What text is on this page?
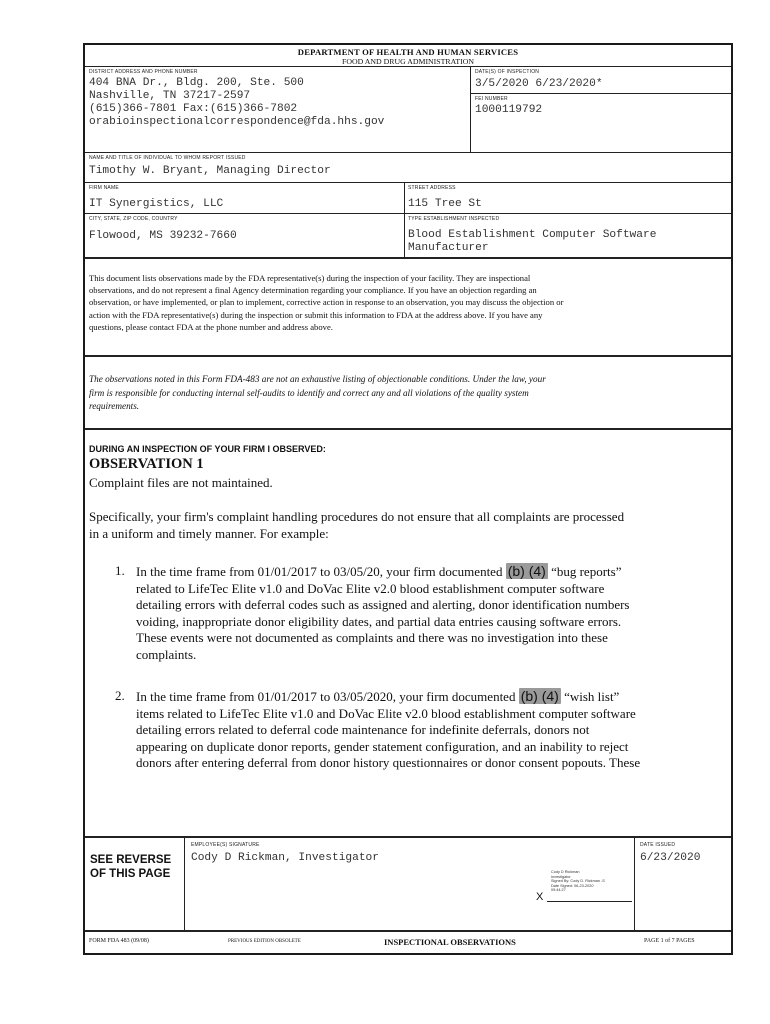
DEPARTMENT OF HEALTH AND HUMAN SERVICES
FOOD AND DRUG ADMINISTRATION
DISTRICT ADDRESS AND PHONE NUMBER
404 BNA Dr., Bldg. 200, Ste. 500
Nashville, TN 37217-2597
(615)366-7801 Fax:(615)366-7802
orabioinspectionalcorrespondence@fda.hhs.gov
DATE(S) OF INSPECTION
3/5/2020 6/23/2020*
FEI NUMBER
1000119792
NAME AND TITLE OF INDIVIDUAL TO WHOM REPORT ISSUED
Timothy W. Bryant, Managing Director
FIRM NAME
IT Synergistics, LLC
STREET ADDRESS
115 Tree St
CITY, STATE, ZIP CODE, COUNTRY
Flowood, MS 39232-7660
TYPE ESTABLISHMENT INSPECTED
Blood Establishment Computer Software
Manufacturer
This document lists observations made by the FDA representative(s) during the inspection of your facility. They are inspectional
observations, and do not represent a final Agency determination regarding your compliance. If you have an objection regarding an
observation, or have implemented, or plan to implement, corrective action in response to an observation, you may discuss the objection or
action with the FDA representative(s) during the inspection or submit this information to FDA at the address above. If you have any
questions, please contact FDA at the phone number and address above.
The observations noted in this Form FDA-483 are not an exhaustive listing of objectionable conditions. Under the law, your
firm is responsible for conducting internal self-audits to identify and correct any and all violations of the quality system
requirements.
DURING AN INSPECTION OF YOUR FIRM I OBSERVED:
OBSERVATION 1
Complaint files are not maintained.
Specifically, your firm's complaint handling procedures do not ensure that all complaints are processed
in a uniform and timely manner. For example:
1. In the time frame from 01/01/2017 to 03/05/20, your firm documented (b) (4) “bug reports”
related to LifeTec Elite v1.0 and DoVac Elite v2.0 blood establishment computer software
detailing errors with deferral codes such as assigned and alerting, donor identification numbers
voiding, inappropriate donor eligibility dates, and partial data entries causing software errors.
These events were not documented as complaints and there was no investigation into these
complaints.
2. In the time frame from 01/01/2017 to 03/05/2020, your firm documented (b) (4) “wish list”
items related to LifeTec Elite v1.0 and DoVac Elite v2.0 blood establishment computer software
detailing errors related to deferral code maintenance for indefinite deferrals, donors not
appearing on duplicate donor reports, gender statement configuration, and an inability to reject
donors after entering deferral from donor history questionnaires or donor consent popouts. These
SEE REVERSE
OF THIS PAGE
EMPLOYEE(S) SIGNATURE
Cody D Rickman, Investigator
DATE ISSUED
6/23/2020
X
Cody D Rickman
Investigator
Signed By: Cody D. Rickman -S
Date Signed: 06-23-2020
09:44:27
FORM FDA 483 (09/08)	PREVIOUS EDITION OBSOLETE	INSPECTIONAL OBSERVATIONS	PAGE 1 of 7 PAGES
